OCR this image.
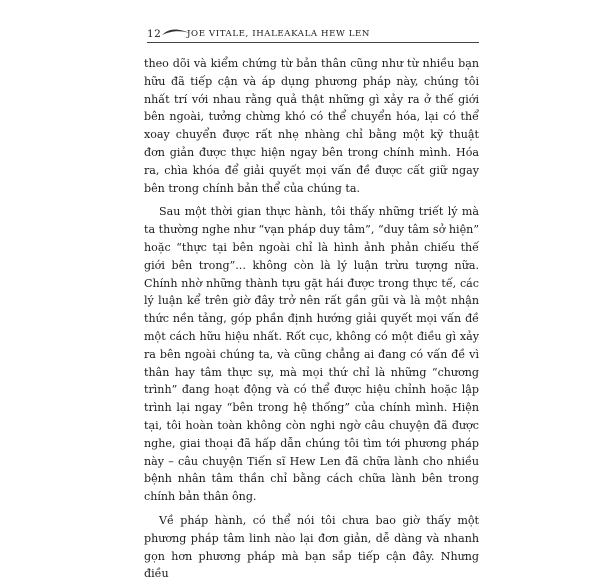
12	JOE VITALE, IHALEAKALA HEW LEN

theo dõi và kiểm chứng từ bản thân cũng như từ nhiều bạn hữu đã tiếp cận và áp dụng phương pháp này, chúng tôi nhất trí với nhau rằng quả thật những gì xảy ra ở thế giới bên ngoài, tưởng chừng khó có thể chuyển hóa, lại có thể xoay chuyển được rất nhẹ nhàng chỉ bằng một kỹ thuật đơn giản được thực hiện ngay bên trong chính mình. Hóa ra, chìa khóa để giải quyết mọi vấn đề được cất giữ ngay bên trong chính bản thể của chúng ta.

Sau một thời gian thực hành, tôi thấy những triết lý mà ta thường nghe như “vạn pháp duy tâm”, “duy tâm sở hiện” hoặc “thực tại bên ngoài chỉ là hình ảnh phản chiếu thế giới bên trong”... không còn là lý luận trừu tượng nữa. Chính nhờ những thành tựu gặt hái được trong thực tế, các lý luận kể trên giờ đây trở nên rất gần gũi và là một nhận thức nền tảng, góp phần định hướng giải quyết mọi vấn đề một cách hữu hiệu nhất. Rốt cục, không có một điều gì xảy ra bên ngoài chúng ta, và cũng chẳng ai đang có vấn đề vì thân hay tâm thực sự, mà mọi thứ chỉ là những “chương trình” đang hoạt động và có thể được hiệu chỉnh hoặc lập trình lại ngay “bên trong hệ thống” của chính mình. Hiện tại, tôi hoàn toàn không còn nghi ngờ câu chuyện đã được nghe, giai thoại đã hấp dẫn chúng tôi tìm tới phương pháp này – câu chuyện Tiến sĩ Hew Len đã chữa lành cho nhiều bệnh nhân tâm thần chỉ bằng cách chữa lành bên trong chính bản thân ông.

Về pháp hành, có thể nói tôi chưa bao giờ thấy một phương pháp tâm linh nào lại đơn giản, dễ dàng và nhanh gọn hơn phương pháp mà bạn sắp tiếp cận đây. Nhưng điều
